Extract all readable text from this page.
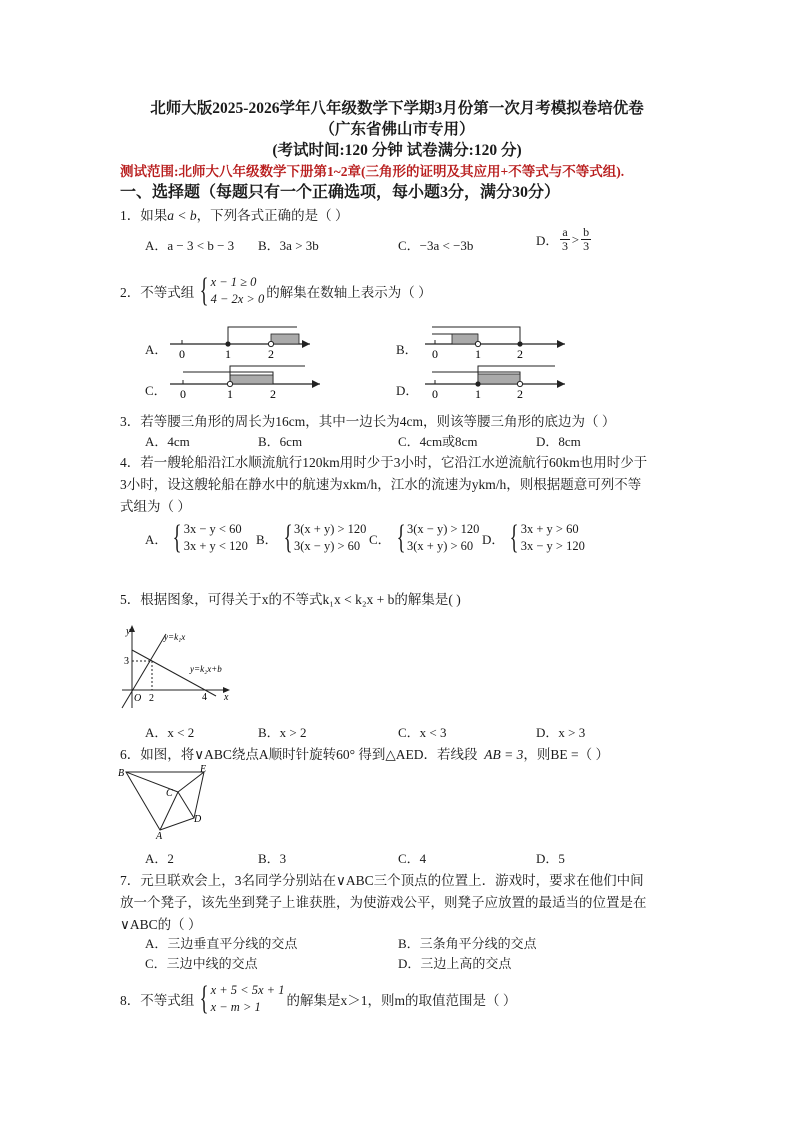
北师大版2025-2026学年八年级数学下学期3月份第一次月考模拟卷培优卷
（广东省佛山市专用）
(考试时间:120 分钟 试卷满分:120 分)
测试范围:北师大八年级数学下册第1~2章(三角形的证明及其应用+不等式与不等式组).
一、选择题（每题只有一个正确选项，每小题3分，满分30分）
1．如果a < b，下列各式正确的是（ ）
A．a − 3 < b − 3 B．3a > 3b	C．−3a < −3b	D． $\frac{a}{3} > \frac{b}{3}$
2．不等式组 { x − 1 ≥ 0
4 − 2x > 0 的解集在数轴上表示为（ ）
A． 0	1	2	B． 0	1	2
C． 0	1	2	D． 0	1	2
3．若等腰三角形的周长为16cm，其中一边长为4cm，则该等腰三角形的底边为（ ）
A．4cm	B．6cm	C．4cm或8cm	D．8cm
4．若一艘轮船沿江水顺流航行120km用时少于3小时，它沿江水逆流航行60km也用时少于
3小时，设这艘轮船在静水中的航速为xkm/h，江水的流速为ykm/h，则根据题意可列不等
式组为（ ）
A． { 3x − y < 60
3x + y < 120 B． { 3(x + y) > 120
3(x − y) > 60 C． { 3(x − y) > 120
3(x + y) > 60 D． { 3x + y > 60
3x − y > 120
5．根据图象，可得关于x的不等式k₁x < k₂x + b的解集是( )
y
x
O
3
2	4
y=k₁x
y=k₂x+b
A．x < 2	B．x > 2	C．x < 3	D．x > 3
6．如图，将∨ABC绕点A顺时针旋转60° 得到△AED．若线段 AB = 3，则BE =（ ）
B	E
C
A
D
A．2	B．3	C．4	D．5
7．元旦联欢会上，3名同学分别站在∨ABC三个顶点的位置上．游戏时，要求在他们中间
放一个凳子，该先坐到凳子上谁获胜，为使游戏公平，则凳子应放置的最适当的位置是在
∨ABC的（ ）
A．三边垂直平分线的交点	B．三条角平分线的交点
C．三边中线的交点	D．三边上高的交点
8．不等式组 { x + 5 < 5x + 1
x − m > 1	的解集是x＞1，则m的取值范围是（ ）
